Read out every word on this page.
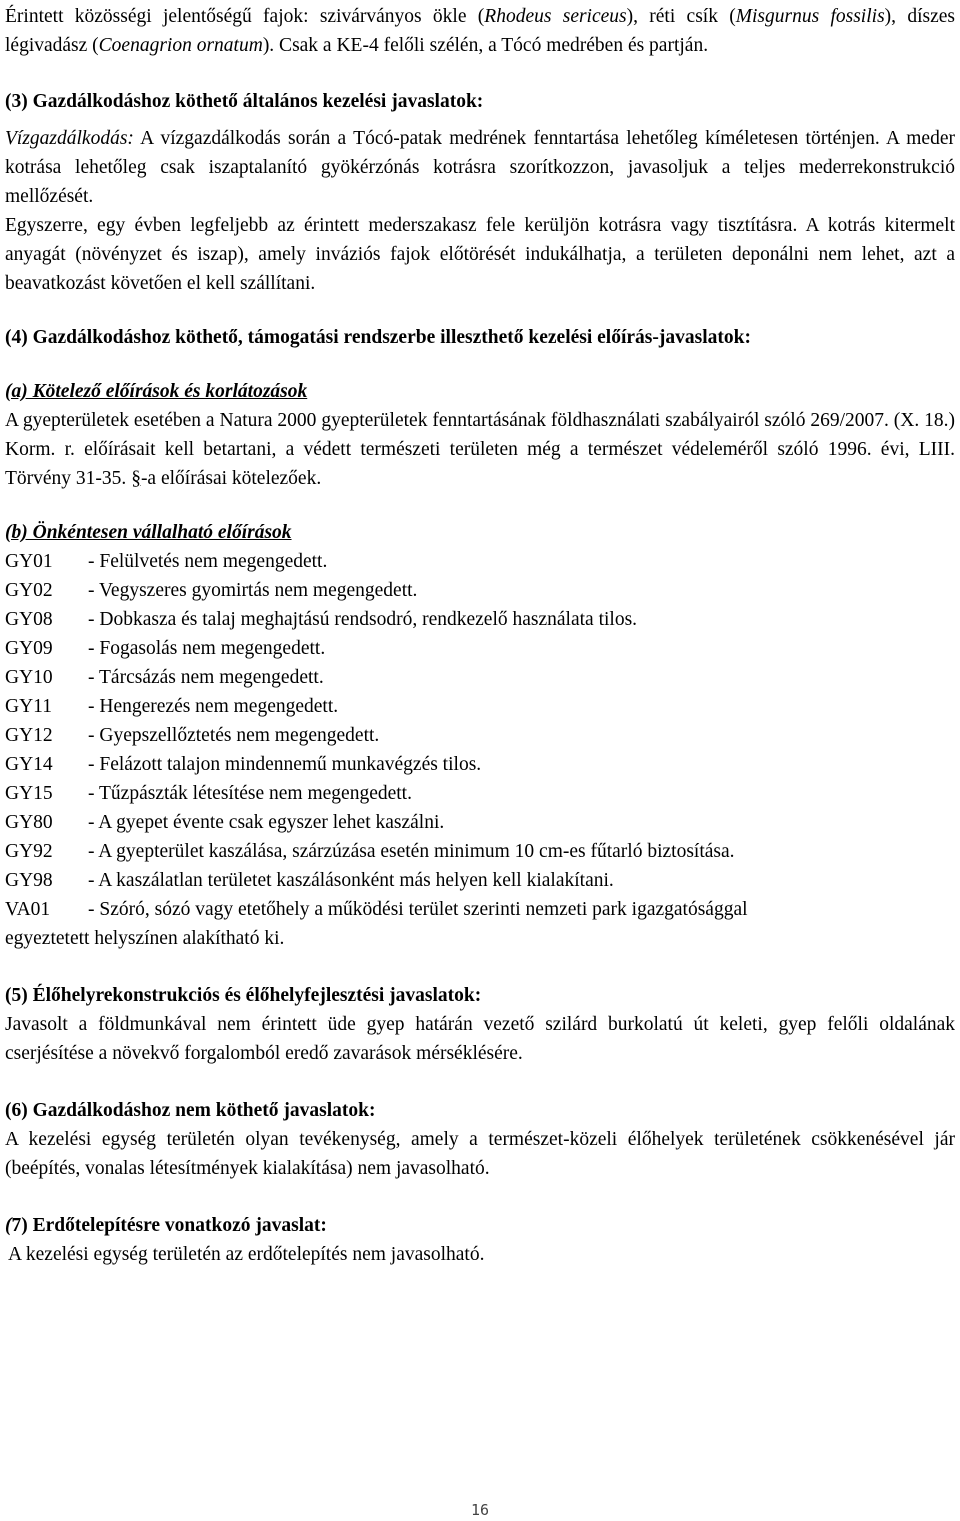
Érintett közösségi jelentőségű fajok: szivárványos ökle (Rhodeus sericeus), réti csík (Misgurnus fossilis), díszes légivadász (Coenagrion ornatum). Csak a KE-4 felőli szélén, a Tócó medrében és partján.

(3) Gazdálkodáshoz köthető általános kezelési javaslatok:

Vízgazdálkodás: A vízgazdálkodás során a Tócó-patak medrének fenntartása lehetőleg kíméletesen történjen. A meder kotrása lehetőleg csak iszaptalanító gyökérzónás kotrásra szorítkozzon, javasoljuk a teljes mederrekonstrukció mellőzését.

Egyszerre, egy évben legfeljebb az érintett mederszakasz fele kerüljön kotrásra vagy tisztításra. A kotrás kitermelt anyagát (növényzet és iszap), amely inváziós fajok előtörését indukálhatja, a területen deponálni nem lehet, azt a beavatkozást követően el kell szállítani.

(4) Gazdálkodáshoz köthető, támogatási rendszerbe illeszthető kezelési előírás-javaslatok:

(a) Kötelező előírások és korlátozások

A gyepterületek esetében a Natura 2000 gyepterületek fenntartásának földhasználati szabályairól szóló 269/2007. (X. 18.) Korm. r. előírásait kell betartani, a védett természeti területen még a természet védeleméről szóló 1996. évi, LIII. Törvény 31-35. §-a előírásai kötelezőek.

(b) Önkéntesen vállalható előírások

GY01	- Felülvetés nem megengedett.
GY02	- Vegyszeres gyomirtás nem megengedett.
GY08	- Dobkasza és talaj meghajtású rendsodró, rendkezelő használata tilos.
GY09	- Fogasolás nem megengedett.
GY10	- Tárcsázás nem megengedett.
GY11	- Hengerezés nem megengedett.
GY12	- Gyepszellőztetés nem megengedett.
GY14	- Felázott talajon mindennemű munkavégzés tilos.
GY15	- Tűzpászták létesítése nem megengedett.
GY80	- A gyepet évente csak egyszer lehet kaszálni.
GY92	- A gyepterület kaszálása, szárzúzása esetén minimum 10 cm-es fűtarló biztosítása.
GY98	- A kaszálatlan területet kaszálásonként más helyen kell kialakítani.
VA01	- Szóró, sózó vagy etetőhely a működési terület szerinti nemzeti park igazgatósággal

egyeztetett helyszínen alakítható ki.

(5) Élőhelyrekonstrukciós és élőhelyfejlesztési javaslatok:

Javasolt a földmunkával nem érintett üde gyep határán vezető szilárd burkolatú út keleti, gyep felőli oldalának cserjésítése a növekvő forgalomból eredő zavarások mérséklésére.

(6) Gazdálkodáshoz nem köthető javaslatok:

A kezelési egység területén olyan tevékenység, amely a természet-közeli élőhelyek területének csökkenésével jár (beépítés, vonalas létesítmények kialakítása) nem javasolható.

(7) Erdőtelepítésre vonatkozó javaslat:

A kezelési egység területén az erdőtelepítés nem javasolható.

16
